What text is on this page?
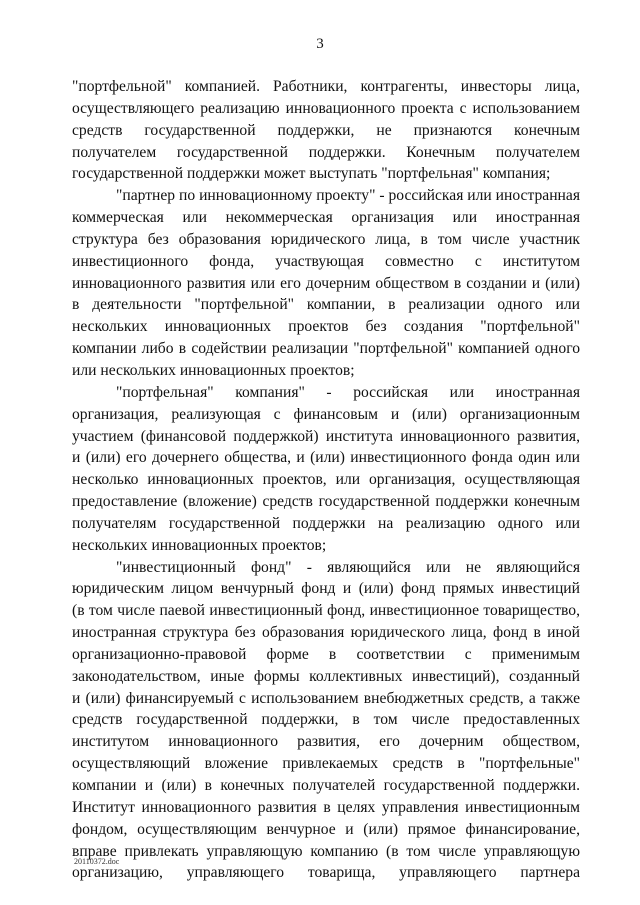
3
"портфельной" компанией. Работники, контрагенты, инвесторы лица,
осуществляющего реализацию инновационного проекта с использованием
средств государственной поддержки, не признаются конечным
получателем государственной поддержки. Конечным получателем
государственной поддержки может выступать "портфельная" компания;
"партнер по инновационному проекту" - российская или иностранная
коммерческая или некоммерческая организация или иностранная
структура без образования юридического лица, в том числе участник
инвестиционного фонда, участвующая совместно с институтом
инновационного развития или его дочерним обществом в создании и (или)
в деятельности "портфельной" компании, в реализации одного или
нескольких инновационных проектов без создания "портфельной"
компании либо в содействии реализации "портфельной" компанией одного
или нескольких инновационных проектов;
"портфельная" компания" - российская или иностранная
организация, реализующая с финансовым и (или) организационным
участием (финансовой поддержкой) института инновационного развития,
и (или) его дочернего общества, и (или) инвестиционного фонда один или
несколько инновационных проектов, или организация, осуществляющая
предоставление (вложение) средств государственной поддержки конечным
получателям государственной поддержки на реализацию одного или
нескольких инновационных проектов;
"инвестиционный фонд" - являющийся или не являющийся
юридическим лицом венчурный фонд и (или) фонд прямых инвестиций
(в том числе паевой инвестиционный фонд, инвестиционное товарищество,
иностранная структура без образования юридического лица, фонд в иной
организационно-правовой форме в соответствии с применимым
законодательством, иные формы коллективных инвестиций), созданный
и (или) финансируемый с использованием внебюджетных средств, а также
средств государственной поддержки, в том числе предоставленных
институтом инновационного развития, его дочерним обществом,
осуществляющий вложение привлекаемых средств в "портфельные"
компании и (или) в конечных получателей государственной поддержки.
Институт инновационного развития в целях управления инвестиционным
фондом, осуществляющим венчурное и (или) прямое финансирование,
вправе привлекать управляющую компанию (в том числе управляющую
организацию, управляющего товарища, управляющего партнера
20110372.doc
